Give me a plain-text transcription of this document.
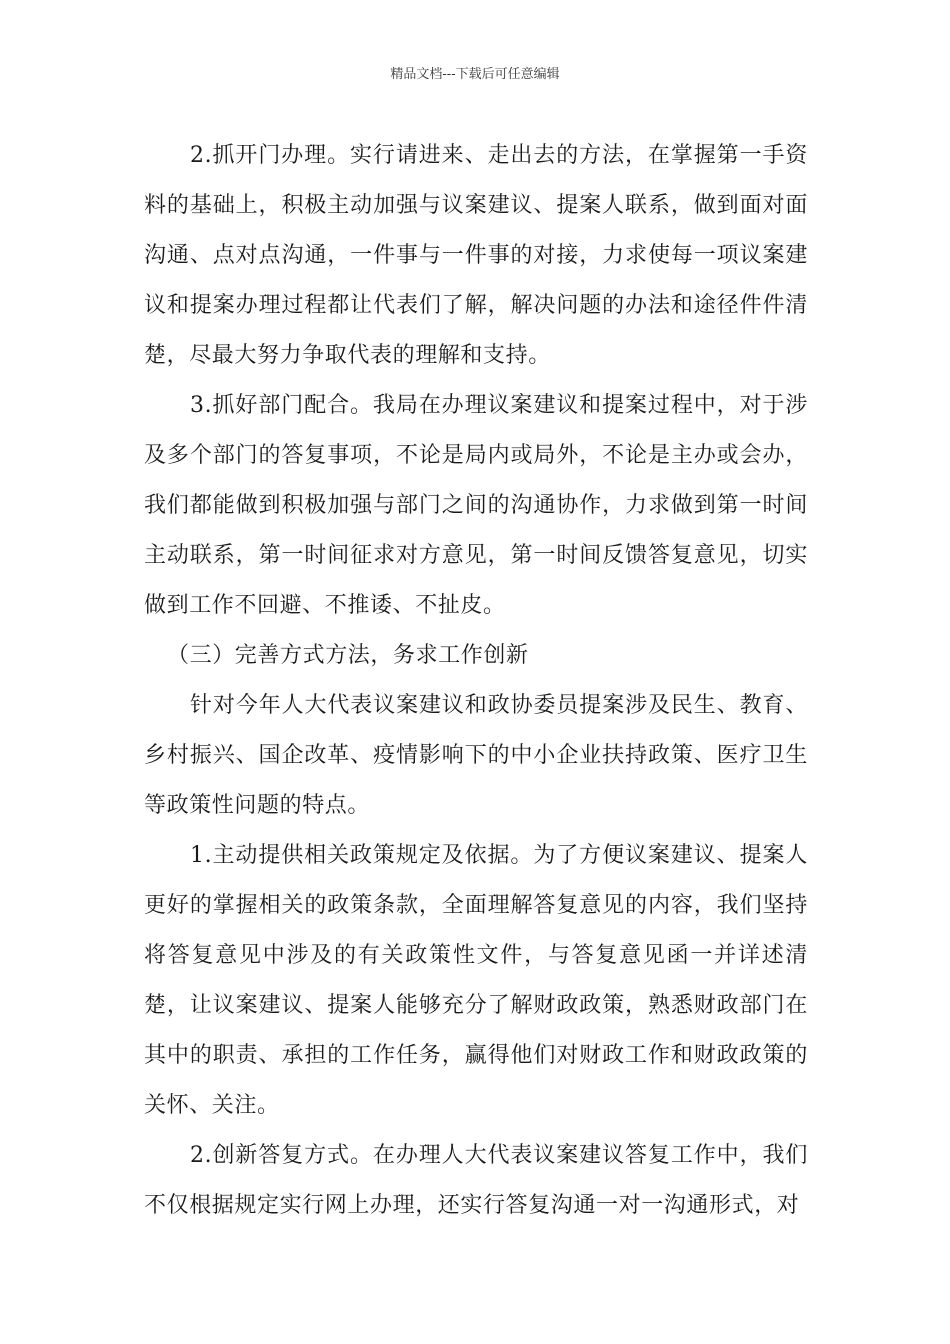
精品文档---下载后可任意编辑

2.抓开门办理。实行请进来、走出去的方法，在掌握第一手资料的基础上，积极主动加强与议案建议、提案人联系，做到面对面沟通、点对点沟通，一件事与一件事的对接，力求使每一项议案建议和提案办理过程都让代表们了解，解决问题的办法和途径件件清楚，尽最大努力争取代表的理解和支持。

3.抓好部门配合。我局在办理议案建议和提案过程中，对于涉及多个部门的答复事项，不论是局内或局外，不论是主办或会办，我们都能做到积极加强与部门之间的沟通协作，力求做到第一时间主动联系，第一时间征求对方意见，第一时间反馈答复意见，切实做到工作不回避、不推诿、不扯皮。

（三）完善方式方法，务求工作创新

针对今年人大代表议案建议和政协委员提案涉及民生、教育、乡村振兴、国企改革、疫情影响下的中小企业扶持政策、医疗卫生等政策性问题的特点。

1.主动提供相关政策规定及依据。为了方便议案建议、提案人更好的掌握相关的政策条款，全面理解答复意见的内容，我们坚持将答复意见中涉及的有关政策性文件，与答复意见函一并详述清楚，让议案建议、提案人能够充分了解财政政策，熟悉财政部门在其中的职责、承担的工作任务，赢得他们对财政工作和财政政策的关怀、关注。

2.创新答复方式。在办理人大代表议案建议答复工作中，我们不仅根据规定实行网上办理，还实行答复沟通一对一沟通形式，对
